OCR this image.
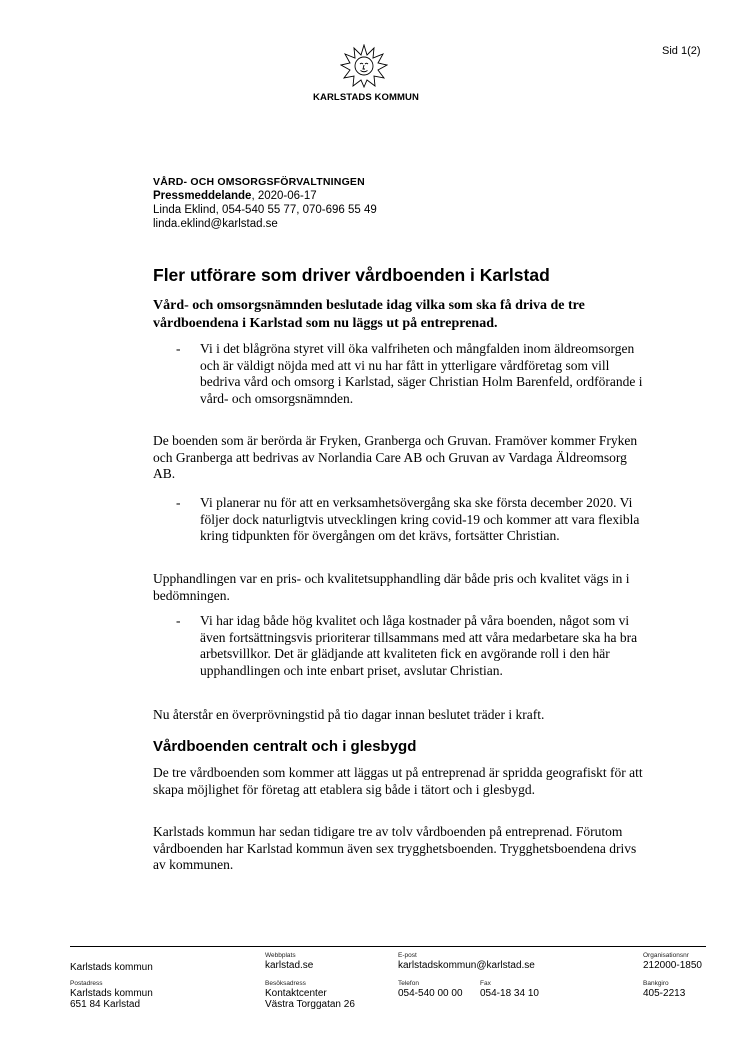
Sid 1(2)
KARLSTADS KOMMUN
VÅRD- OCH OMSORGSFÖRVALTNINGEN
Pressmeddelande, 2020-06-17
Linda Eklind, 054-540 55 77, 070-696 55 49
linda.eklind@karlstad.se
Fler utförare som driver vårdboenden i Karlstad
Vård- och omsorgsnämnden beslutade idag vilka som ska få driva de tre vårdboendena i Karlstad som nu läggs ut på entreprenad.
- Vi i det blågröna styret vill öka valfriheten och mångfalden inom äldreomsorgen och är väldigt nöjda med att vi nu har fått in ytterligare vårdföretag som vill bedriva vård och omsorg i Karlstad, säger Christian Holm Barenfeld, ordförande i vård- och omsorgsnämnden.
De boenden som är berörda är Fryken, Granberga och Gruvan. Framöver kommer Fryken och Granberga att bedrivas av Norlandia Care AB och Gruvan av Vardaga Äldreomsorg AB.
- Vi planerar nu för att en verksamhetsövergång ska ske första december 2020. Vi följer dock naturligtvis utvecklingen kring covid-19 och kommer att vara flexibla kring tidpunkten för övergången om det krävs, fortsätter Christian.
Upphandlingen var en pris- och kvalitetsupphandling där både pris och kvalitet vägs in i bedömningen.
- Vi har idag både hög kvalitet och låga kostnader på våra boenden, något som vi även fortsättningsvis prioriterar tillsammans med att våra medarbetare ska ha bra arbetsvillkor. Det är glädjande att kvaliteten fick en avgörande roll i den här upphandlingen och inte enbart priset, avslutar Christian.
Nu återstår en överprövningstid på tio dagar innan beslutet träder i kraft.
Vårdboenden centralt och i glesbygd
De tre vårdboenden som kommer att läggas ut på entreprenad är spridda geografiskt för att skapa möjlighet för företag att etablera sig både i tätort och i glesbygd.
Karlstads kommun har sedan tidigare tre av tolv vårdboenden på entreprenad. Förutom vårdboenden har Karlstad kommun även sex trygghetsboenden. Trygghetsboendena drivs av kommunen.
Karlstads kommun
Webbplats
karlstad.se
E-post
karlstadskommun@karlstad.se
Organisationsnr
212000-1850
Postadress
Karlstads kommun
651 84 Karlstad
Besöksadress
Kontaktcenter
Västra Torggatan 26
Telefon
054-540 00 00
Fax
054-18 34 10
Bankgiro
405-2213
